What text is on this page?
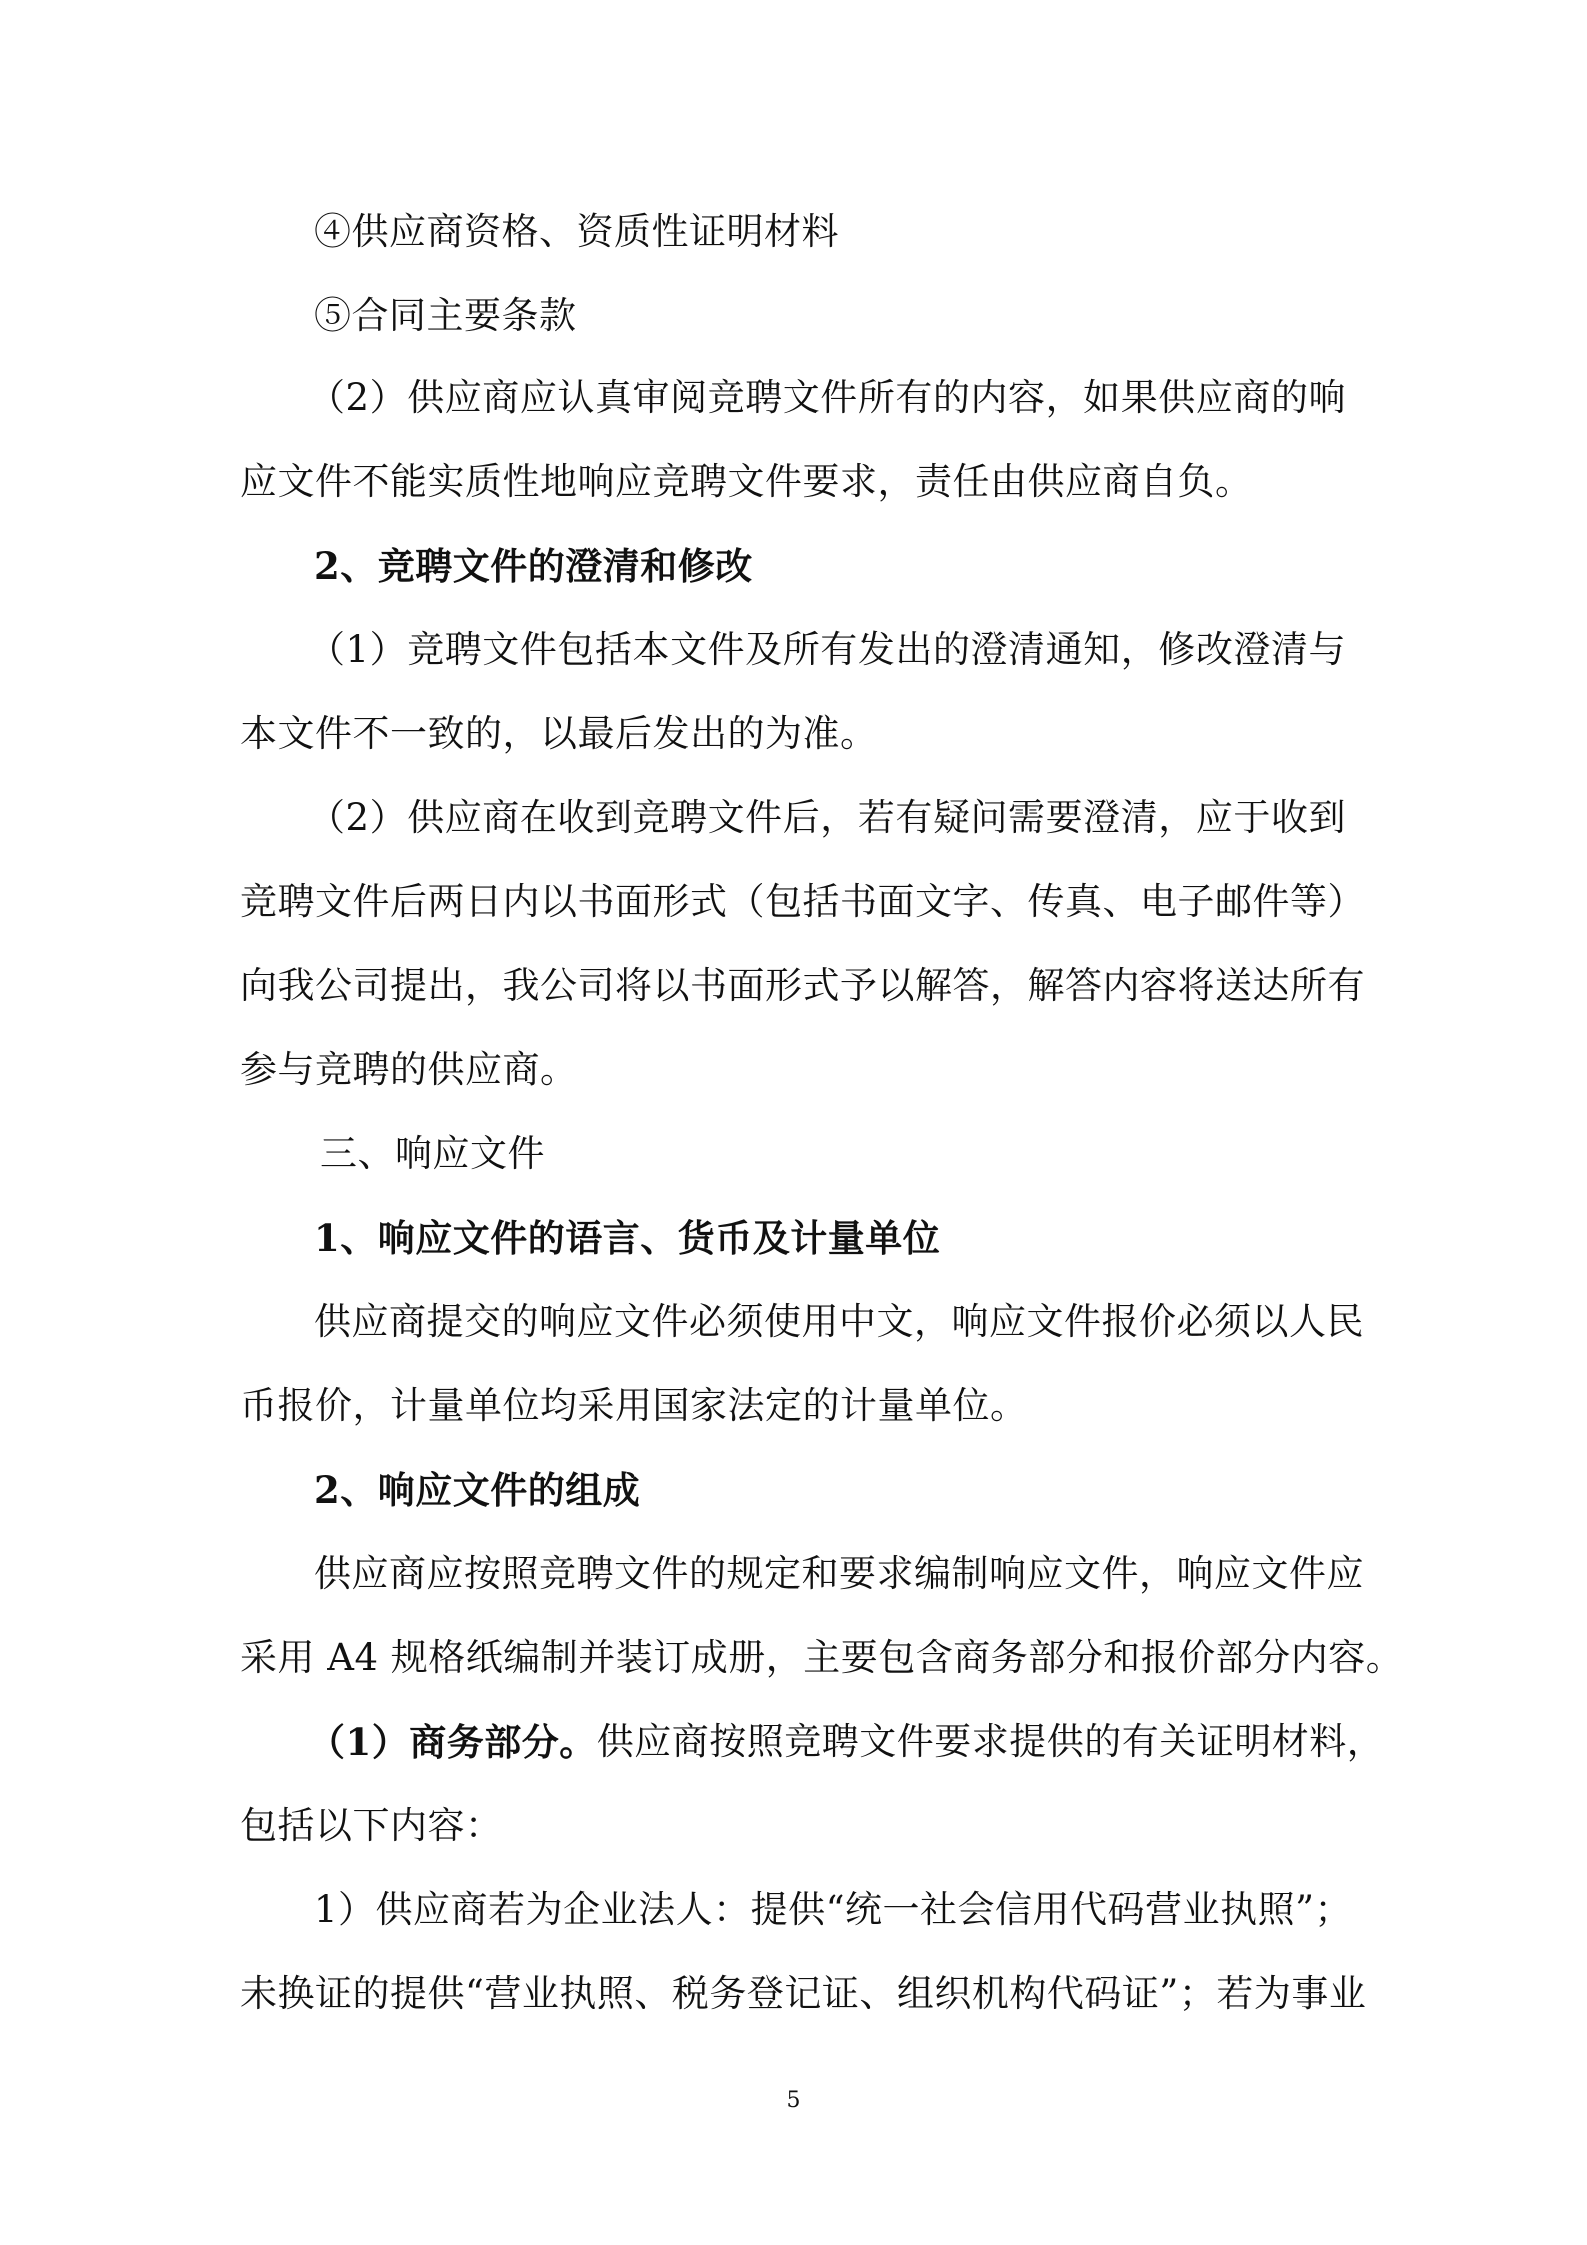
④供应商资格、资质性证明材料
⑤合同主要条款
（2）供应商应认真审阅竞聘文件所有的内容，如果供应商的响
应文件不能实质性地响应竞聘文件要求，责任由供应商自负。
2、竞聘文件的澄清和修改
（1）竞聘文件包括本文件及所有发出的澄清通知，修改澄清与
本文件不一致的，以最后发出的为准。
（2）供应商在收到竞聘文件后，若有疑问需要澄清，应于收到
竞聘文件后两日内以书面形式（包括书面文字、传真、电子邮件等）
向我公司提出，我公司将以书面形式予以解答，解答内容将送达所有
参与竞聘的供应商。
三、响应文件
1、响应文件的语言、货币及计量单位
供应商提交的响应文件必须使用中文，响应文件报价必须以人民
币报价，计量单位均采用国家法定的计量单位。
2、响应文件的组成
供应商应按照竞聘文件的规定和要求编制响应文件，响应文件应
采用 A4 规格纸编制并装订成册，主要包含商务部分和报价部分内容。
（1）商务部分。 供应商按照竞聘文件要求提供的有关证明材料，
包括以下内容：
1）供应商若为企业法人：提供“统一社会信用代码营业执照”；
未换证的提供“营业执照、税务登记证、组织机构代码证”；若为事业
5
